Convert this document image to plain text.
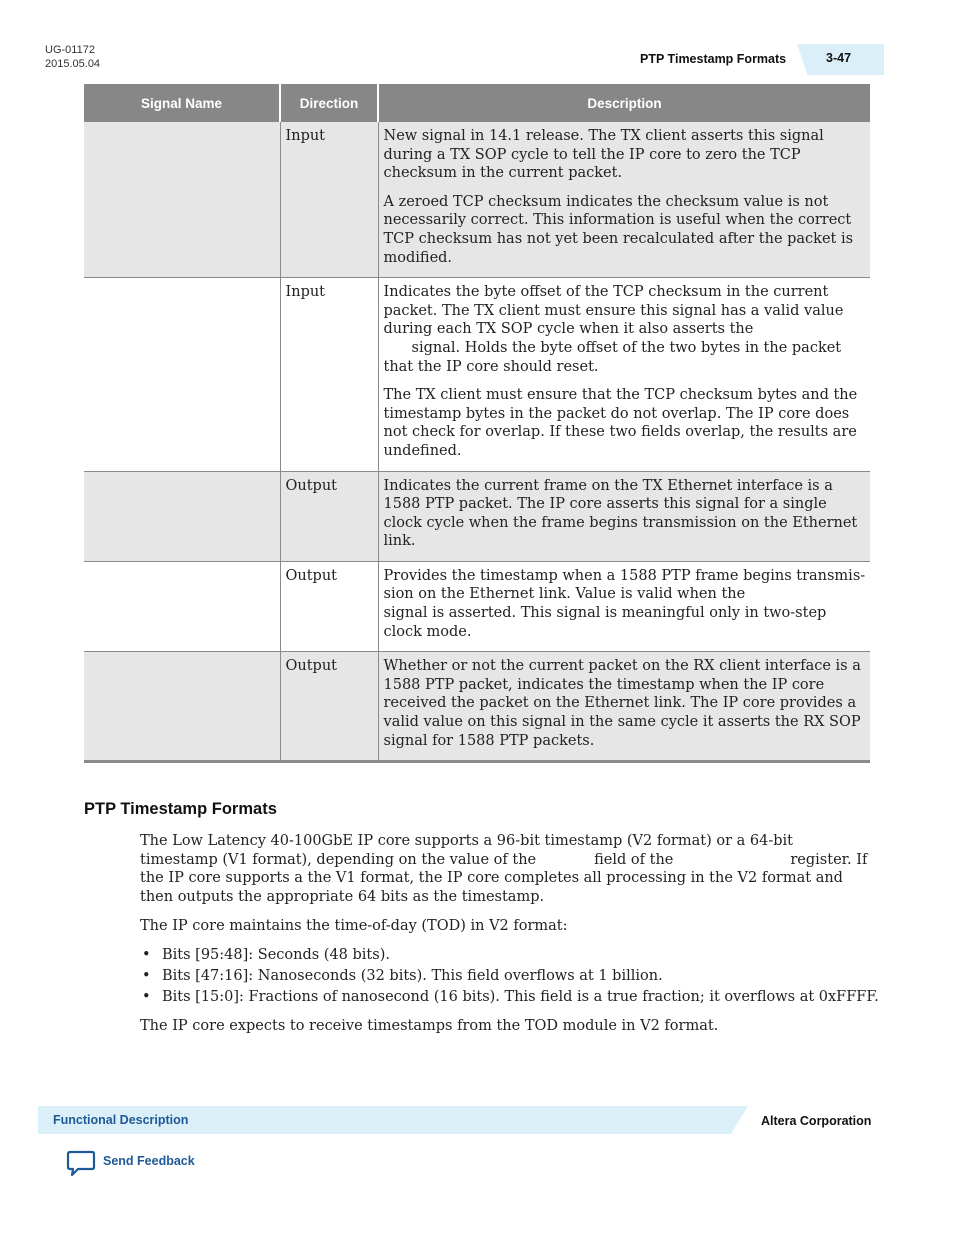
UG-01172
2015.05.04	PTP Timestamp Formats	3-47
Signal Name	Direction	Description
	Input	New signal in 14.1 release. The TX client asserts this signal during a TX SOP cycle to tell the IP core to zero the TCP checksum in the current packet.

A zeroed TCP checksum indicates the checksum value is not necessarily correct. This information is useful when the correct TCP checksum has not yet been recalculated after the packet is modified.

	Input	Indicates the byte offset of the TCP checksum in the current packet. The TX client must ensure this signal has a valid value during each TX SOP cycle when it also asserts the

signal. Holds the byte offset of the two bytes in the packet that the IP core should reset.

The TX client must ensure that the TCP checksum bytes and the timestamp bytes in the packet do not overlap. The IP core does not check for overlap. If these two fields overlap, the results are undefined.

	Output	Indicates the current frame on the TX Ethernet interface is a 1588 PTP packet. The IP core asserts this signal for a single

clock cycle when the frame begins transmission on the Ethernet link.

	Output	Provides the timestamp when a 1588 PTP frame begins transmis-sion on the Ethernet link. Value is valid when the

signal is asserted. This signal is meaningful only in two-step clock mode.

	Output	Whether or not the current packet on the RX client interface is a 1588 PTP packet, indicates the timestamp when the IP core received the packet on the Ethernet link. The IP core provides a valid value on this signal in the same cycle it asserts the RX SOP signal for 1588 PTP packets.

PTP Timestamp Formats

The Low Latency 40-100GbE IP core supports a 96-bit timestamp (V2 format) or a 64-bit timestamp (V1 format), depending on the value of the	field of the	register. If the IP core supports a the V1 format, the IP core completes all processing in the V2 format and then outputs the appropriate 64 bits as the timestamp.

The IP core maintains the time-of-day (TOD) in V2 format:
• Bits [95:48]: Seconds (48 bits).
• Bits [47:16]: Nanoseconds (32 bits). This field overflows at 1 billion.
• Bits [15:0]: Fractions of nanosecond (16 bits). This field is a true fraction; it overflows at 0xFFFF.
The IP core expects to receive timestamps from the TOD module in V2 format.
Functional Description	Altera Corporation
Send Feedback
